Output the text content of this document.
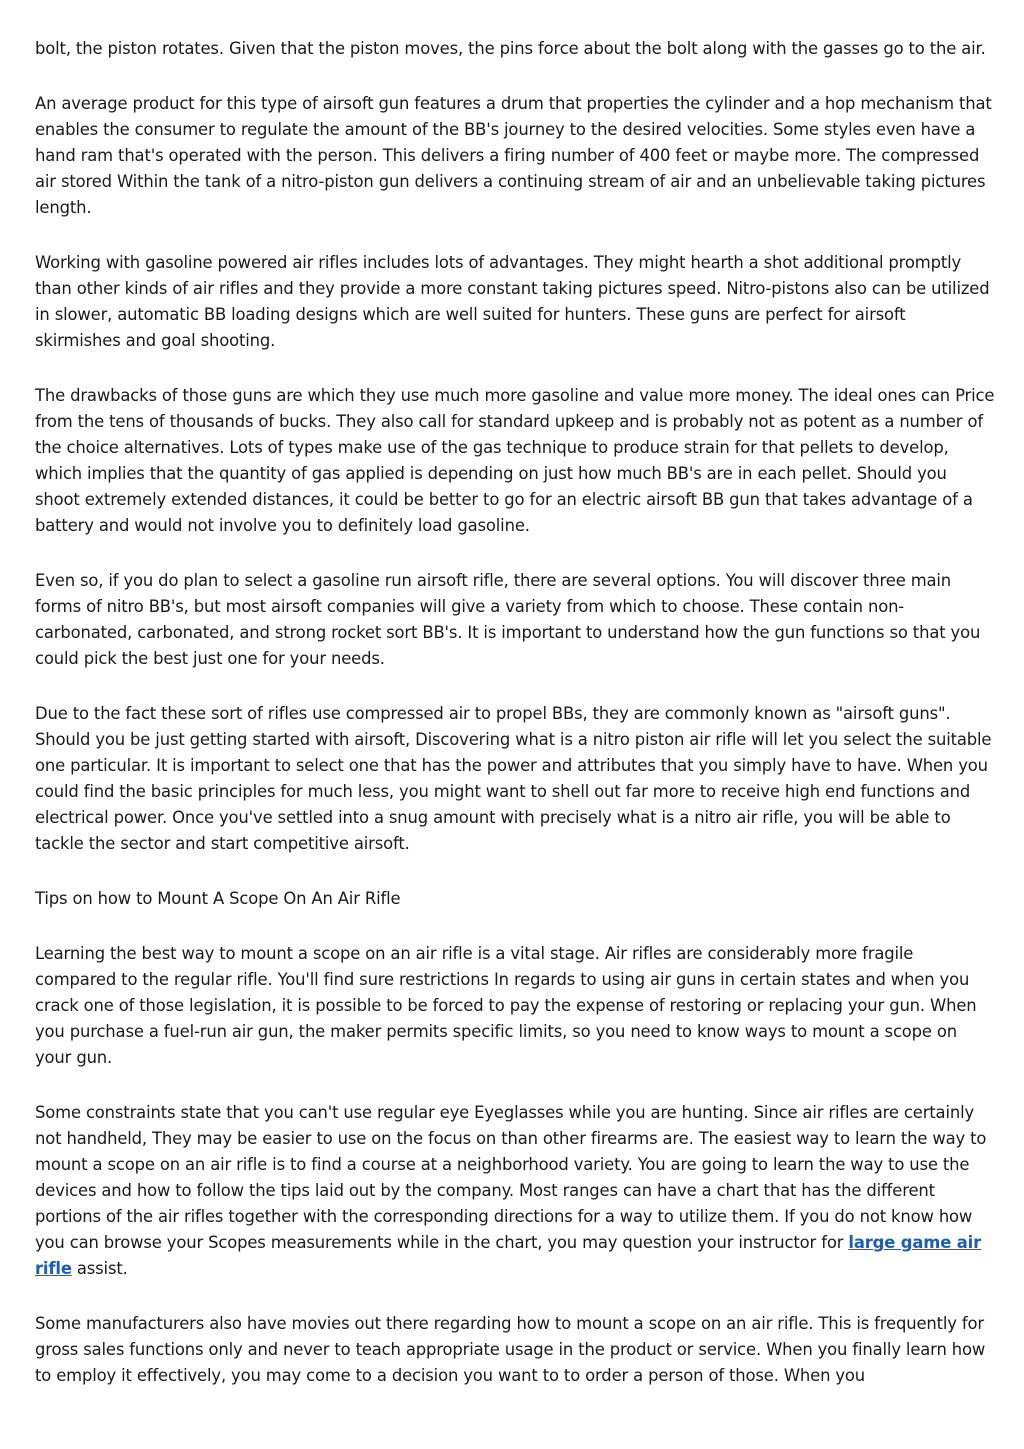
bolt, the piston rotates. Given that the piston moves, the pins force about the bolt along with the gasses go to the air.

An average product for this type of airsoft gun features a drum that properties the cylinder and a hop mechanism that enables the consumer to regulate the amount of the BB's journey to the desired velocities. Some styles even have a hand ram that's operated with the person. This delivers a firing number of 400 feet or maybe more. The compressed air stored Within the tank of a nitro-piston gun delivers a continuing stream of air and an unbelievable taking pictures length.

Working with gasoline powered air rifles includes lots of advantages. They might hearth a shot additional promptly than other kinds of air rifles and they provide a more constant taking pictures speed. Nitro-pistons also can be utilized in slower, automatic BB loading designs which are well suited for hunters. These guns are perfect for airsoft skirmishes and goal shooting.

The drawbacks of those guns are which they use much more gasoline and value more money. The ideal ones can Price from the tens of thousands of bucks. They also call for standard upkeep and is probably not as potent as a number of the choice alternatives. Lots of types make use of the gas technique to produce strain for that pellets to develop, which implies that the quantity of gas applied is depending on just how much BB's are in each pellet. Should you shoot extremely extended distances, it could be better to go for an electric airsoft BB gun that takes advantage of a battery and would not involve you to definitely load gasoline.

Even so, if you do plan to select a gasoline run airsoft rifle, there are several options. You will discover three main forms of nitro BB's, but most airsoft companies will give a variety from which to choose. These contain non-carbonated, carbonated, and strong rocket sort BB's. It is important to understand how the gun functions so that you could pick the best just one for your needs.

Due to the fact these sort of rifles use compressed air to propel BBs, they are commonly known as "airsoft guns". Should you be just getting started with airsoft, Discovering what is a nitro piston air rifle will let you select the suitable one particular. It is important to select one that has the power and attributes that you simply have to have. When you could find the basic principles for much less, you might want to shell out far more to receive high end functions and electrical power. Once you've settled into a snug amount with precisely what is a nitro air rifle, you will be able to tackle the sector and start competitive airsoft.

Tips on how to Mount A Scope On An Air Rifle

Learning the best way to mount a scope on an air rifle is a vital stage. Air rifles are considerably more fragile compared to the regular rifle. You'll find sure restrictions In regards to using air guns in certain states and when you crack one of those legislation, it is possible to be forced to pay the expense of restoring or replacing your gun. When you purchase a fuel-run air gun, the maker permits specific limits, so you need to know ways to mount a scope on your gun.

Some constraints state that you can't use regular eye Eyeglasses while you are hunting. Since air rifles are certainly not handheld, They may be easier to use on the focus on than other firearms are. The easiest way to learn the way to mount a scope on an air rifle is to find a course at a neighborhood variety. You are going to learn the way to use the devices and how to follow the tips laid out by the company. Most ranges can have a chart that has the different portions of the air rifles together with the corresponding directions for a way to utilize them. If you do not know how you can browse your Scopes measurements while in the chart, you may question your instructor for large game air rifle assist.

Some manufacturers also have movies out there regarding how to mount a scope on an air rifle. This is frequently for gross sales functions only and never to teach appropriate usage in the product or service. When you finally learn how to employ it effectively, you may come to a decision you want to to order a person of those. When you
